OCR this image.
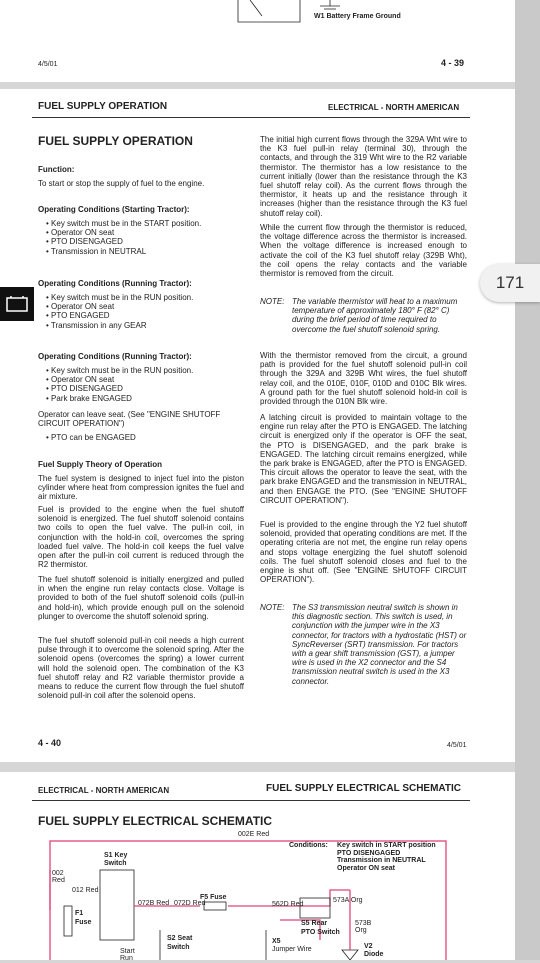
W1 Battery Frame Ground
4/5/01	4 - 39
FUEL SUPPLY OPERATION	ELECTRICAL - NORTH AMERICAN
FUEL SUPPLY OPERATION
Function:
To start or stop the supply of fuel to the engine.
Operating Conditions (Starting Tractor):
• Key switch must be in the START position.
• Operator ON seat
• PTO DISENGAGED
• Transmission in NEUTRAL
Operating Conditions (Running Tractor):
• Key switch must be in the RUN position.
• Operator ON seat
• PTO ENGAGED
• Transmission in any GEAR
Operating Conditions (Running Tractor):
• Key switch must be in the RUN position.
• Operator ON seat
• PTO DISENGAGED
• Park brake ENGAGED
Operator can leave seat. (See "ENGINE SHUTOFF CIRCUIT OPERATION")
• PTO can be ENGAGED
Fuel Supply Theory of Operation
The fuel system is designed to inject fuel into the piston cylinder where heat from compression ignites the fuel and air mixture.
Fuel is provided to the engine when the fuel shutoff solenoid is energized. The fuel shutoff solenoid contains two coils to open the fuel valve. The pull-in coil, in conjunction with the hold-in coil, overcomes the spring loaded fuel valve. The hold-in coil keeps the fuel valve open after the pull-in coil current is reduced through the R2 thermistor.
The fuel shutoff solenoid is initially energized and pulled in when the engine run relay contacts close. Voltage is provided to both of the fuel shutoff solenoid coils (pull-in and hold-in), which provide enough pull on the solenoid plunger to overcome the shutoff solenoid spring.
The fuel shutoff solenoid pull-in coil needs a high current pulse through it to overcome the solenoid spring. After the solenoid opens (overcomes the spring) a lower current will hold the solenoid open. The combination of the K3 fuel shutoff relay and R2 variable thermistor provide a means to reduce the current flow through the fuel shutoff solenoid pull-in coil after the solenoid opens.
The initial high current flows through the 329A Wht wire to the K3 fuel pull-in relay (terminal 30), through the contacts, and through the 319 Wht wire to the R2 variable thermistor. The thermistor has a low resistance to the current initially (lower than the resistance through the K3 fuel shutoff relay coil). As the current flows through the thermistor, it heats up and the resistance through it increases (higher than the resistance through the K3 fuel shutoff relay coil).
While the current flow through the thermistor is reduced, the voltage difference across the thermistor is increased. When the voltage difference is increased enough to activate the coil of the K3 fuel shutoff relay (329B Wht), the coil opens the relay contacts and the variable thermistor is removed from the circuit.
NOTE: The variable thermistor will heat to a maximum temperature of approximately 180° F (82° C) during the brief period of time required to overcome the fuel shutoff solenoid spring.
With the thermistor removed from the circuit, a ground path is provided for the fuel shutoff solenoid pull-in coil through the 329A and 329B Wht wires, the fuel shutoff relay coil, and the 010E, 010F, 010D and 010C Blk wires. A ground path for the fuel shutoff solenoid hold-in coil is provided through the 010N Blk wire.
A latching circuit is provided to maintain voltage to the engine run relay after the PTO is ENGAGED. The latching circuit is energized only if the operator is OFF the seat, the PTO is DISENGAGED, and the park brake is ENGAGED. The latching circuit remains energized, while the park brake is ENGAGED, after the PTO is ENGAGED. This circuit allows the operator to leave the seat, with the park brake ENGAGED and the transmission in NEUTRAL, and then ENGAGE the PTO. (See "ENGINE SHUTOFF CIRCUIT OPERATION").
Fuel is provided to the engine through the Y2 fuel shutoff solenoid, provided that operating conditions are met. If the operating criteria are not met, the engine run relay opens and stops voltage energizing the fuel shutoff solenoid coils. The fuel shutoff solenoid closes and fuel to the engine is shut off. (See "ENGINE SHUTOFF CIRCUIT OPERATION").
NOTE: The S3 transmission neutral switch is shown in this diagnostic section. This switch is used, in conjunction with the jumper wire in the X3 connector, for tractors with a hydrostatic (HST) or SyncReverser (SRT) transmission. For tractors with a gear shift transmission (GST), a jumper wire is used in the X2 connector and the S4 transmission neutral switch is used in the X3 connector.
4 - 40	4/5/01
ELECTRICAL - NORTH AMERICAN	FUEL SUPPLY ELECTRICAL SCHEMATIC
FUEL SUPPLY ELECTRICAL SCHEMATIC
002E Red
Conditions: Key switch in START position
PTO DISENGAGED
Transmission in NEUTRAL
Operator ON seat
S1 Key
Switch
002
Red
012 Red
072B Red 072D Red
F5 Fuse
562D Red
573A Org
F1
Fuse	S5 Rear
PTO Switch
573B
Org
S2 Seat
Switch
X5
Jumper Wire	V2
Diode
Start
Run
171
